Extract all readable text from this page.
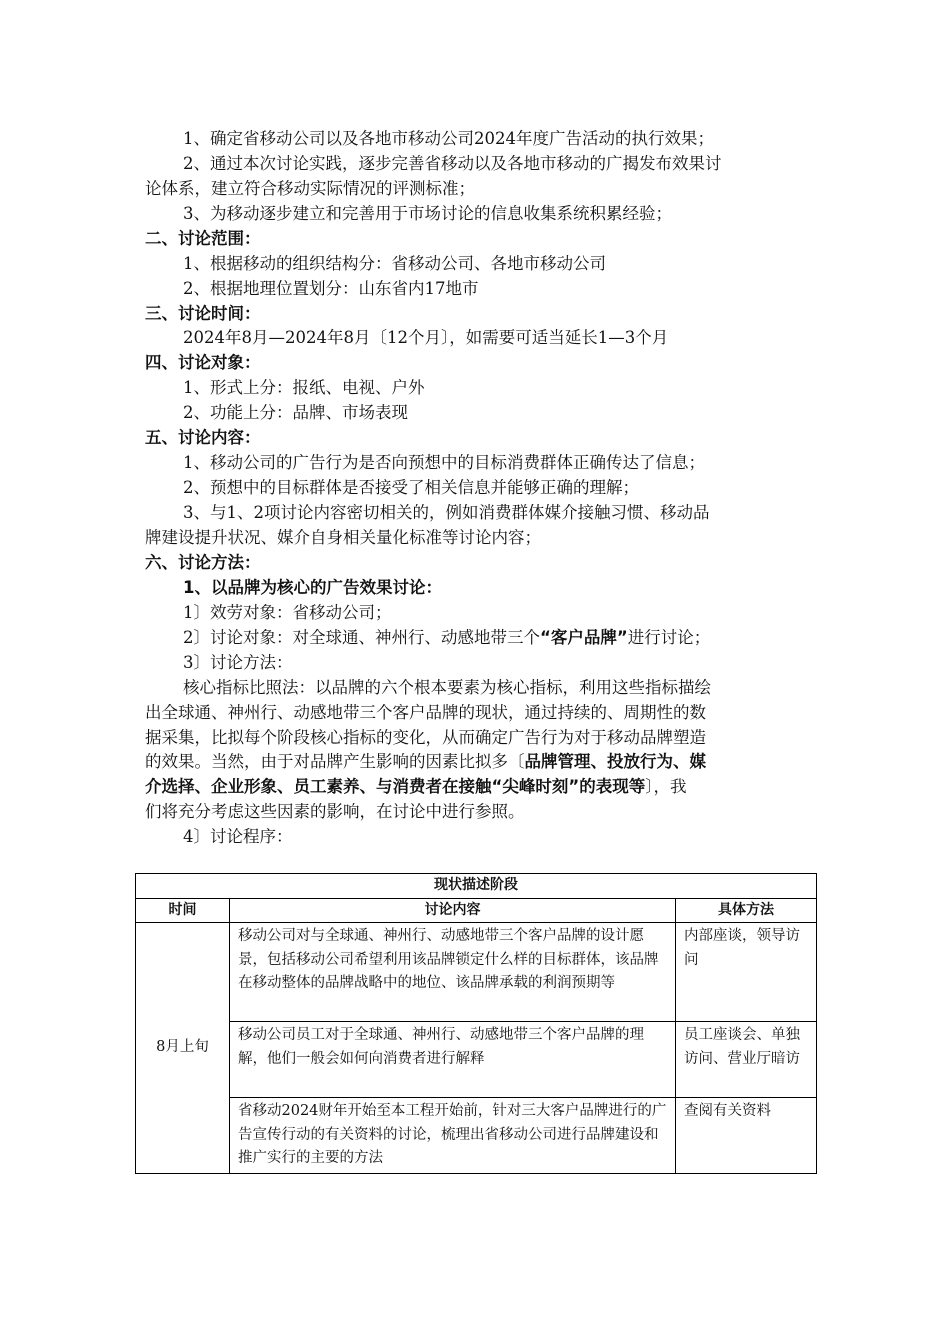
1、确定省移动公司以及各地市移动公司2024年度广告活动的执行效果；
2、通过本次讨论实践，逐步完善省移动以及各地市移动的广揭发布效果讨
论体系，建立符合移动实际情况的评测标准；
3、为移动逐步建立和完善用于市场讨论的信息收集系统积累经验；
二、讨论范围：
1、根据移动的组织结构分：省移动公司、各地市移动公司
2、根据地理位置划分：山东省内17地市
三、讨论时间：
2024年8月—2024年8月〔12个月〕，如需要可适当延长1—3个月
四、讨论对象：
1、形式上分：报纸、电视、户外
2、功能上分：品牌、市场表现
五、讨论内容：
1、移动公司的广告行为是否向预想中的目标消费群体正确传达了信息；
2、预想中的目标群体是否接受了相关信息并能够正确的理解；
3、与1、2项讨论内容密切相关的，例如消费群体媒介接触习惯、移动品
牌建设提升状况、媒介自身相关量化标准等讨论内容；
六、讨论方法：
1、以品牌为核心的广告效果讨论：
1〕效劳对象：省移动公司；
2〕讨论对象：对全球通、神州行、动感地带三个“客户品牌”进行讨论；
3〕讨论方法：
核心指标比照法：以品牌的六个根本要素为核心指标，利用这些指标描绘
出全球通、神州行、动感地带三个客户品牌的现状，通过持续的、周期性的数
据采集，比拟每个阶段核心指标的变化，从而确定广告行为对于移动品牌塑造
的效果。当然，由于对品牌产生影响的因素比拟多〔品牌管理、投放行为、媒
介选择、企业形象、员工素养、与消费者在接触“尖峰时刻”的表现等〕，我
们将充分考虑这些因素的影响，在讨论中进行参照。
4〕讨论程序：
现状描述阶段		
时间	讨论内容	具体方法
8月上旬	移动公司对与全球通、神州行、动感地带三个客户品牌的设计愿景，包括移动公司希望利用该品牌锁定什么样的目标群体，该品牌在移动整体的品牌战略中的地位、该品牌承载的利润预期等	内部座谈，领导访问
	移动公司员工对于全球通、神州行、动感地带三个客户品牌的理解，他们一般会如何向消费者进行解释	员工座谈会、单独访问、营业厅暗访
	省移动2024财年开始至本工程开始前，针对三大客户品牌进行的广告宣传行动的有关资料的讨论，梳理出省移动公司进行品牌建设和推广实行的主要的方法	查阅有关资料
